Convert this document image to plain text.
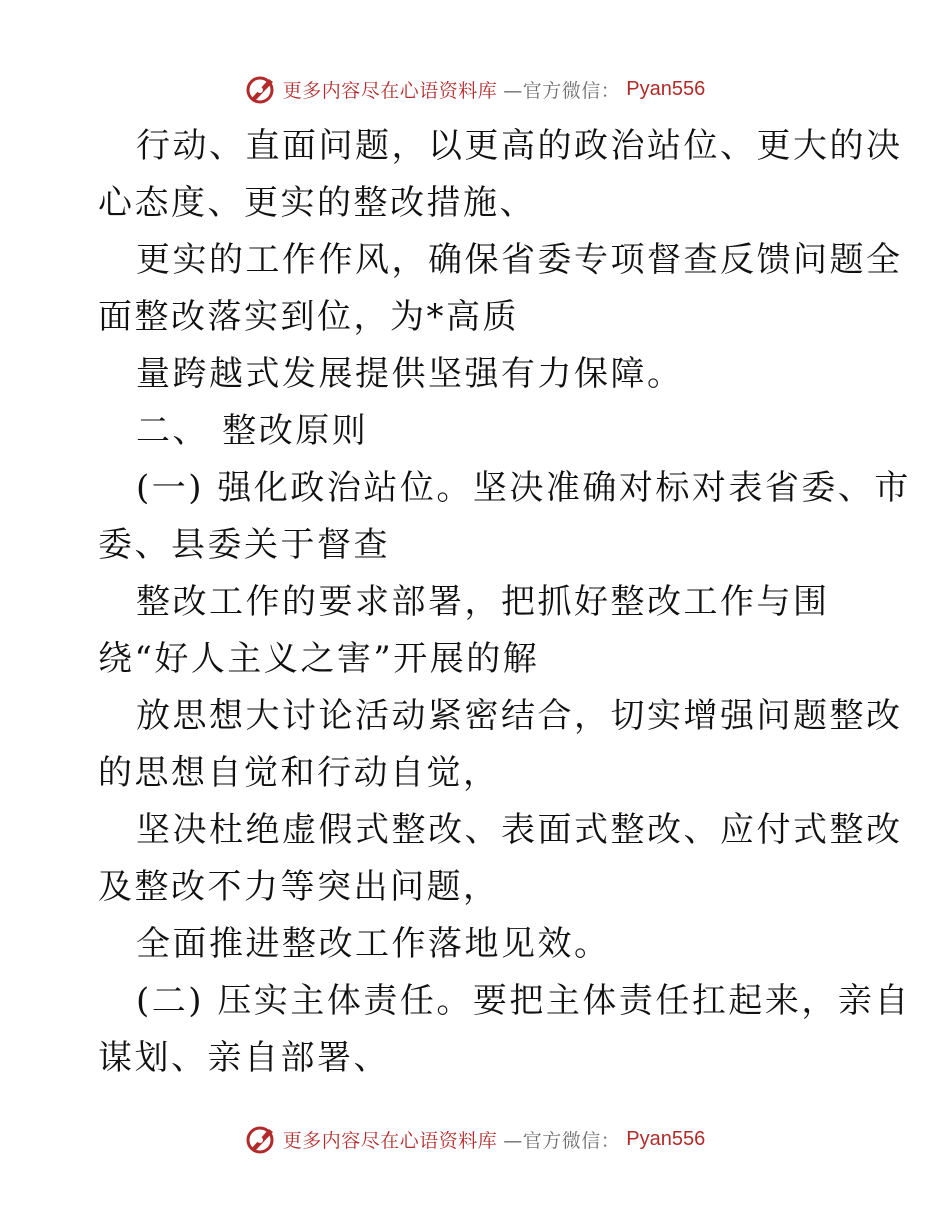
更多内容尽在心语资料库 —官方微信： Pyan556
行动、直面问题，以更高的政治站位、更大的决
心态度、更实的整改措施、
更实的工作作风，确保省委专项督查反馈问题全
面整改落实到位，为*高质
量跨越式发展提供坚强有力保障。
二、 整改原则
(一) 强化政治站位。坚决准确对标对表省委、市
委、县委关于督查
整改工作的要求部署，把抓好整改工作与围
绕“好人主义之害”开展的解
放思想大讨论活动紧密结合，切实增强问题整改
的思想自觉和行动自觉，
坚决杜绝虚假式整改、表面式整改、应付式整改
及整改不力等突出问题，
全面推进整改工作落地见效。
(二) 压实主体责任。要把主体责任扛起来，亲自
谋划、亲自部署、
更多内容尽在心语资料库 —官方微信： Pyan556
